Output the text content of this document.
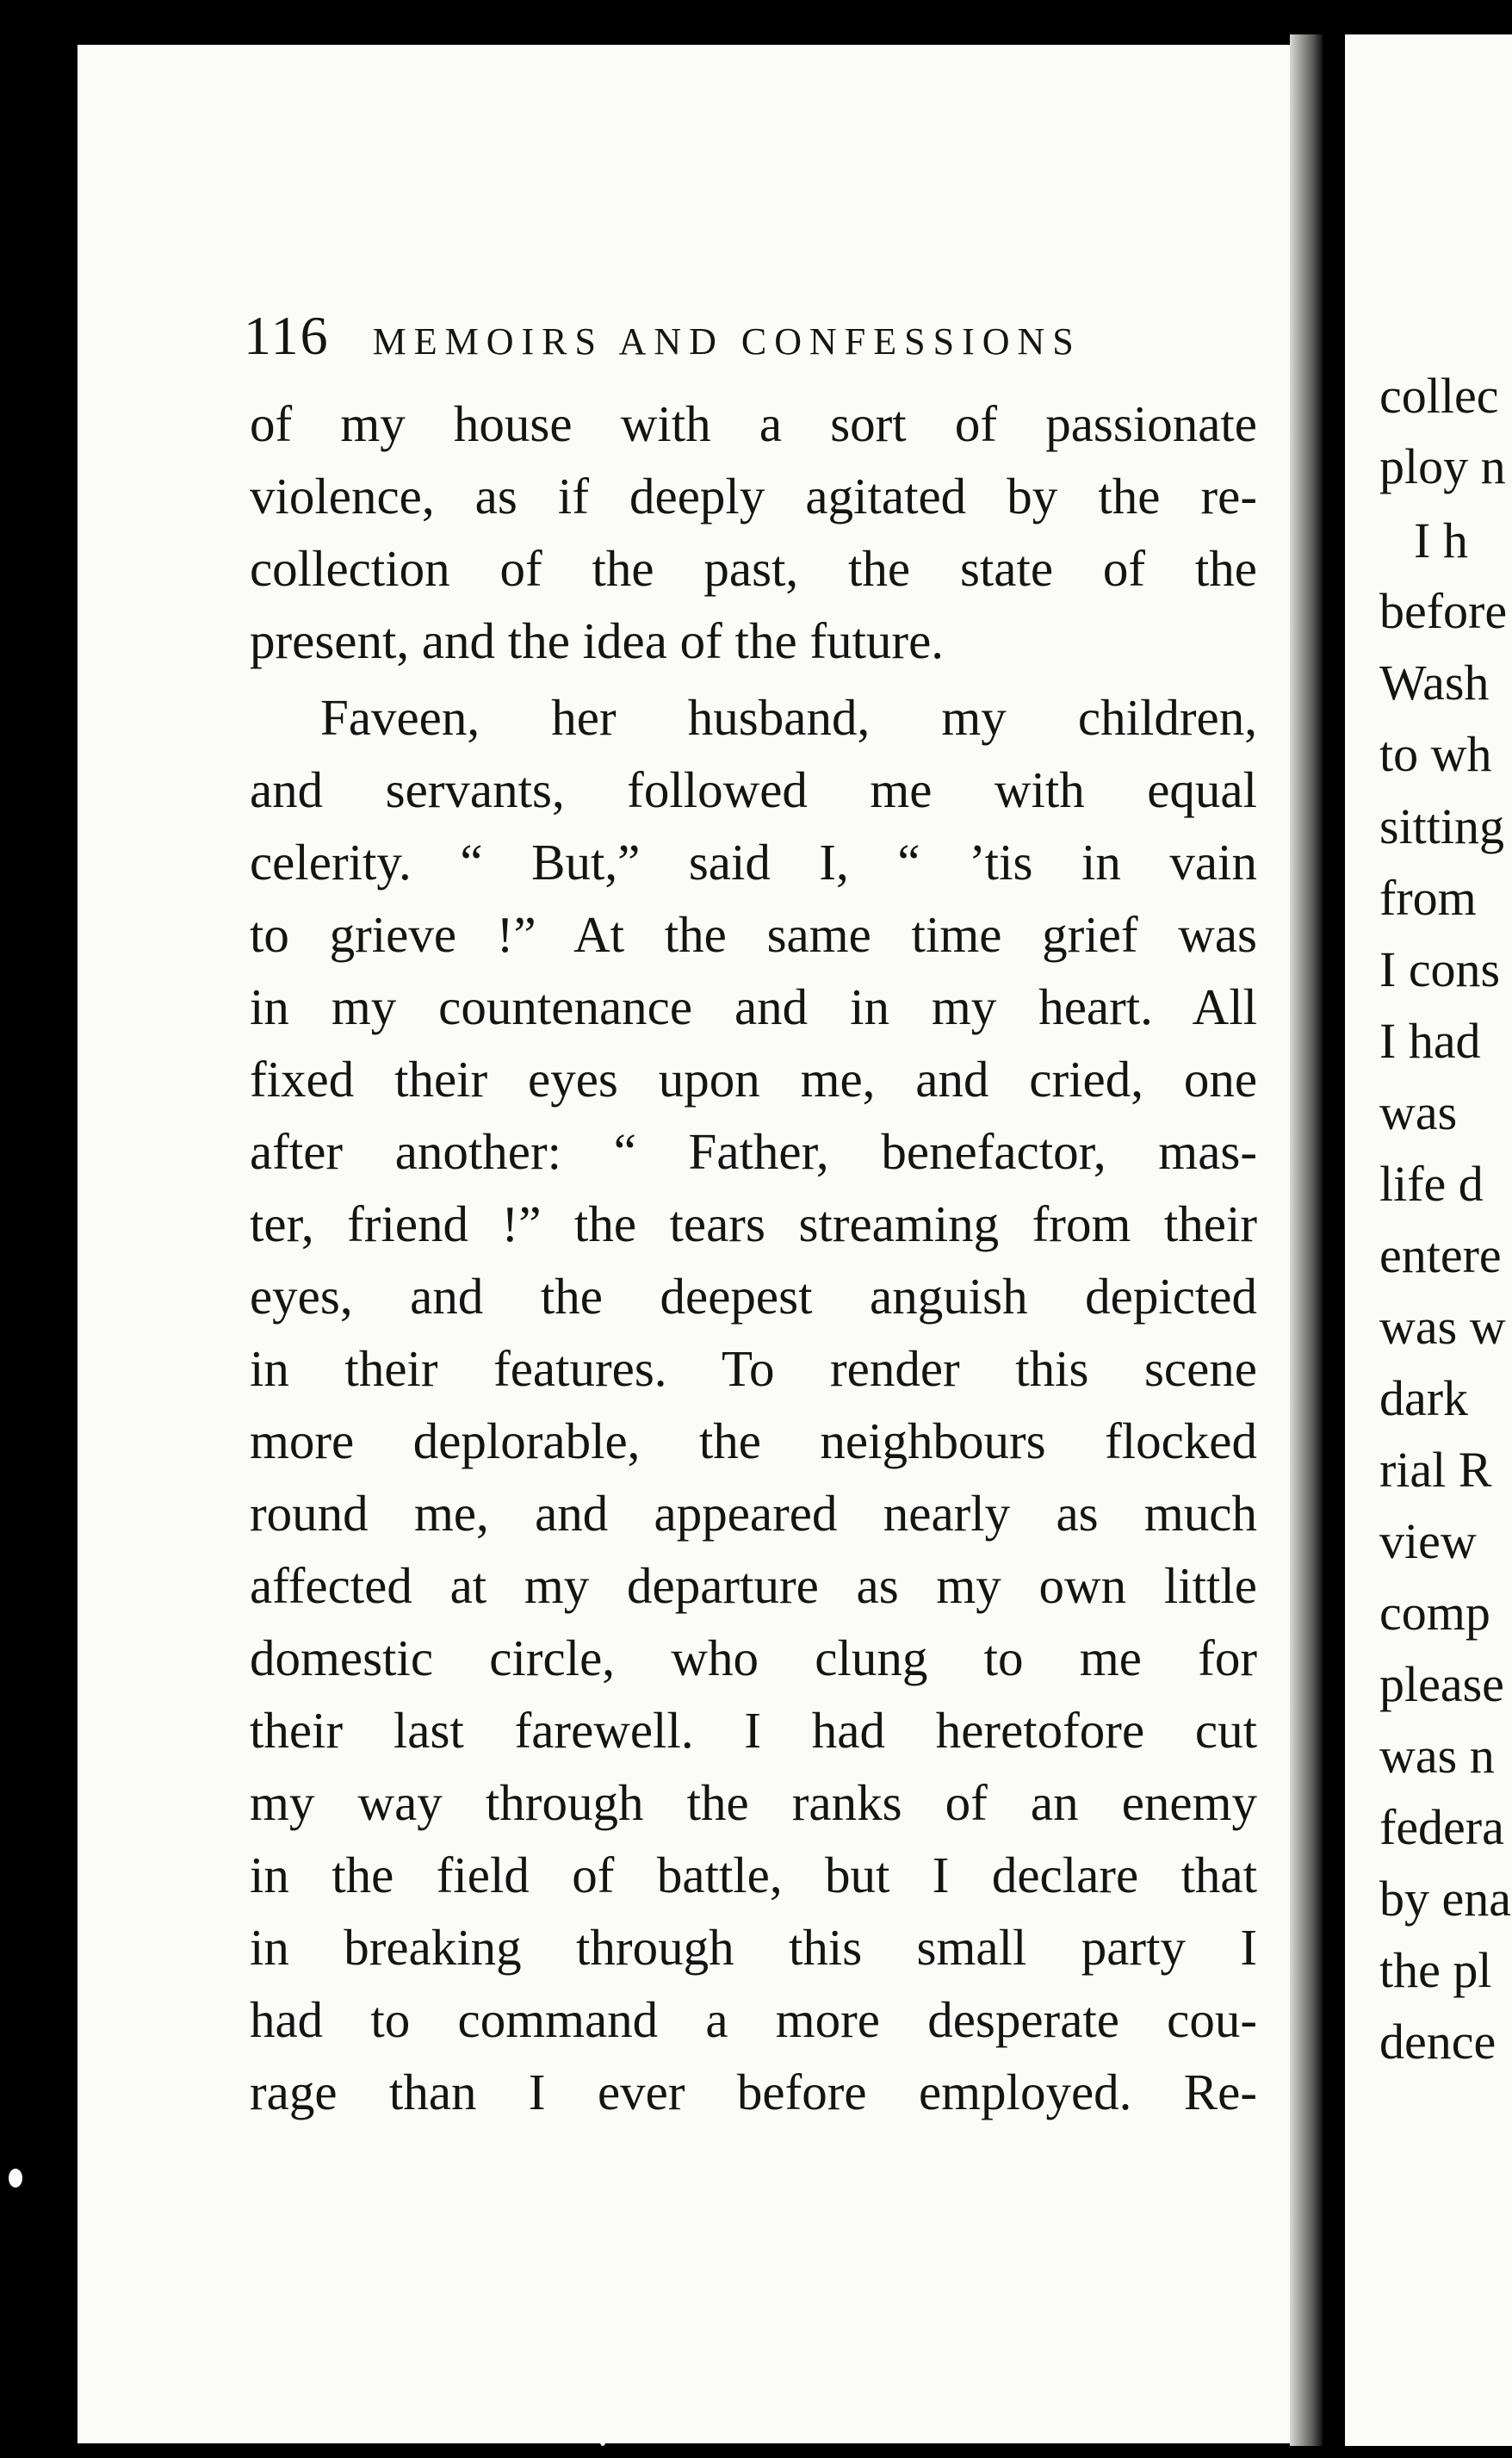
116 MEMOIRS AND CONFESSIONS
of my house with a sort of passionate
violence, as if deeply agitated by the re-
collection of the past, the state of the
present, and the idea of the future.
Faveen, her husband, my children,
and servants, followed me with equal
celerity. “ But,” said I, “ ’tis in vain
to grieve !” At the same time grief was
in my countenance and in my heart. All
fixed their eyes upon me, and cried, one
after another: “ Father, benefactor, mas-
ter, friend !” the tears streaming from their
eyes, and the deepest anguish depicted
in their features. To render this scene
more deplorable, the neighbours flocked
round me, and appeared nearly as much
affected at my departure as my own little
domestic circle, who clung to me for
their last farewell. I had heretofore cut
my way through the ranks of an enemy
in the field of battle, but I declare that
in breaking through this small party I
had to command a more desperate cou-
rage than I ever before employed. Re-
collec
ploy n
I h
before
Wash
to wh
sitting
from
I cons
I had
was
life d
entere
was w
dark
rial R
view
comp
please
was n
federa
by ena
the pl
dence
